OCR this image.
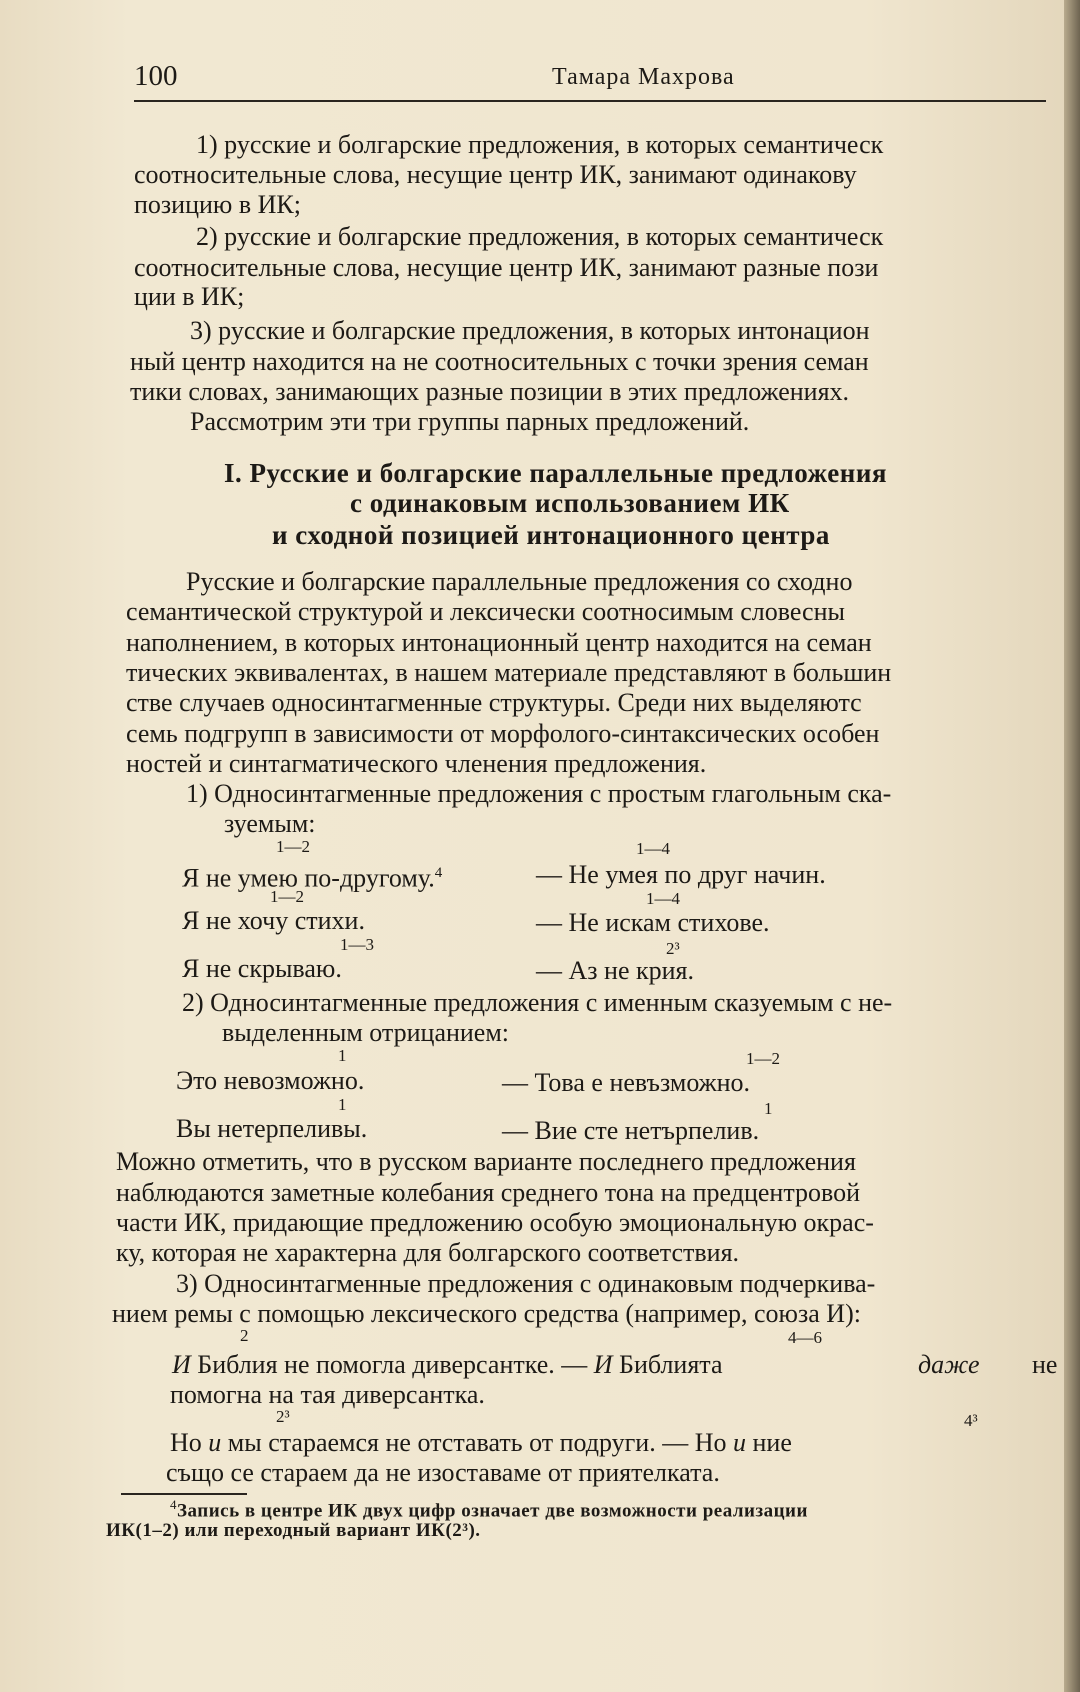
100	Тамара Махрова
1) русские и болгарские предложения, в которых семантическ
соотносительные слова, несущие центр ИК, занимают одинакову
позицию в ИК;
2) русские и болгарские предложения, в которых семантическ
соотносительные слова, несущие центр ИК, занимают разные пози
ции в ИК;
3) русские и болгарские предложения, в которых интонацион
ный центр находится на не соотносительных с точки зрения семан
тики словах, занимающих разные позиции в этих предложениях.
Рассмотрим эти три группы парных предложений.
I. Русские и болгарские параллельные предложения
с одинаковым использованием ИК
и сходной позицией интонационного центра
Русские и болгарские параллельные предложения со сходно
семантической структурой и лексически соотносимым словесны
наполнением, в которых интонационный центр находится на семан
тических эквивалентах, в нашем материале представляют в большин
стве случаев односинтагменные структуры. Среди них выделяютс
семь подгрупп в зависимости от морфолого-синтаксических особен
ностей и синтагматического членения предложения.
1) Односинтагменные предложения с простым глагольным ска-
зуемым:
1—2	1—4
Я не умею по-другому.$^4$	— Не умея по друг начин.
1—2	1—4
Я не хочу стихи.	— Не искам стихове.
1—3	2³
Я не скрываю.	— Аз не крия.
2) Односинтагменные предложения с именным сказуемым с не-
выделенным отрицанием:
1	1—2
Это невозможно.	— Това е невъзможно.
1	1
Вы нетерпеливы.	— Вие сте нетърпелив.
Можно отметить, что в русском варианте последнего предложения
наблюдаются заметные колебания среднего тона на предцентровой
части ИК, придающие предложению особую эмоциональную окрас-
ку, которая не характерна для болгарского соответствия.
3) Односинтагменные предложения с одинаковым подчеркива-
нием ремы с помощью лексического средства (например, союза И):
2	4—6
И Библия не помогла диверсантке. — И Библията	даже не
помогна на тая диверсантка.
2³	4³
Но и мы стараемся не отставать от подруги. — Но и ние
също се стараем да не изоставаме от приятелката.
$^4$Запись в центре ИК двух цифр означает две возможности реализации
ИК(1–2) или переходный вариант ИК(2³).
